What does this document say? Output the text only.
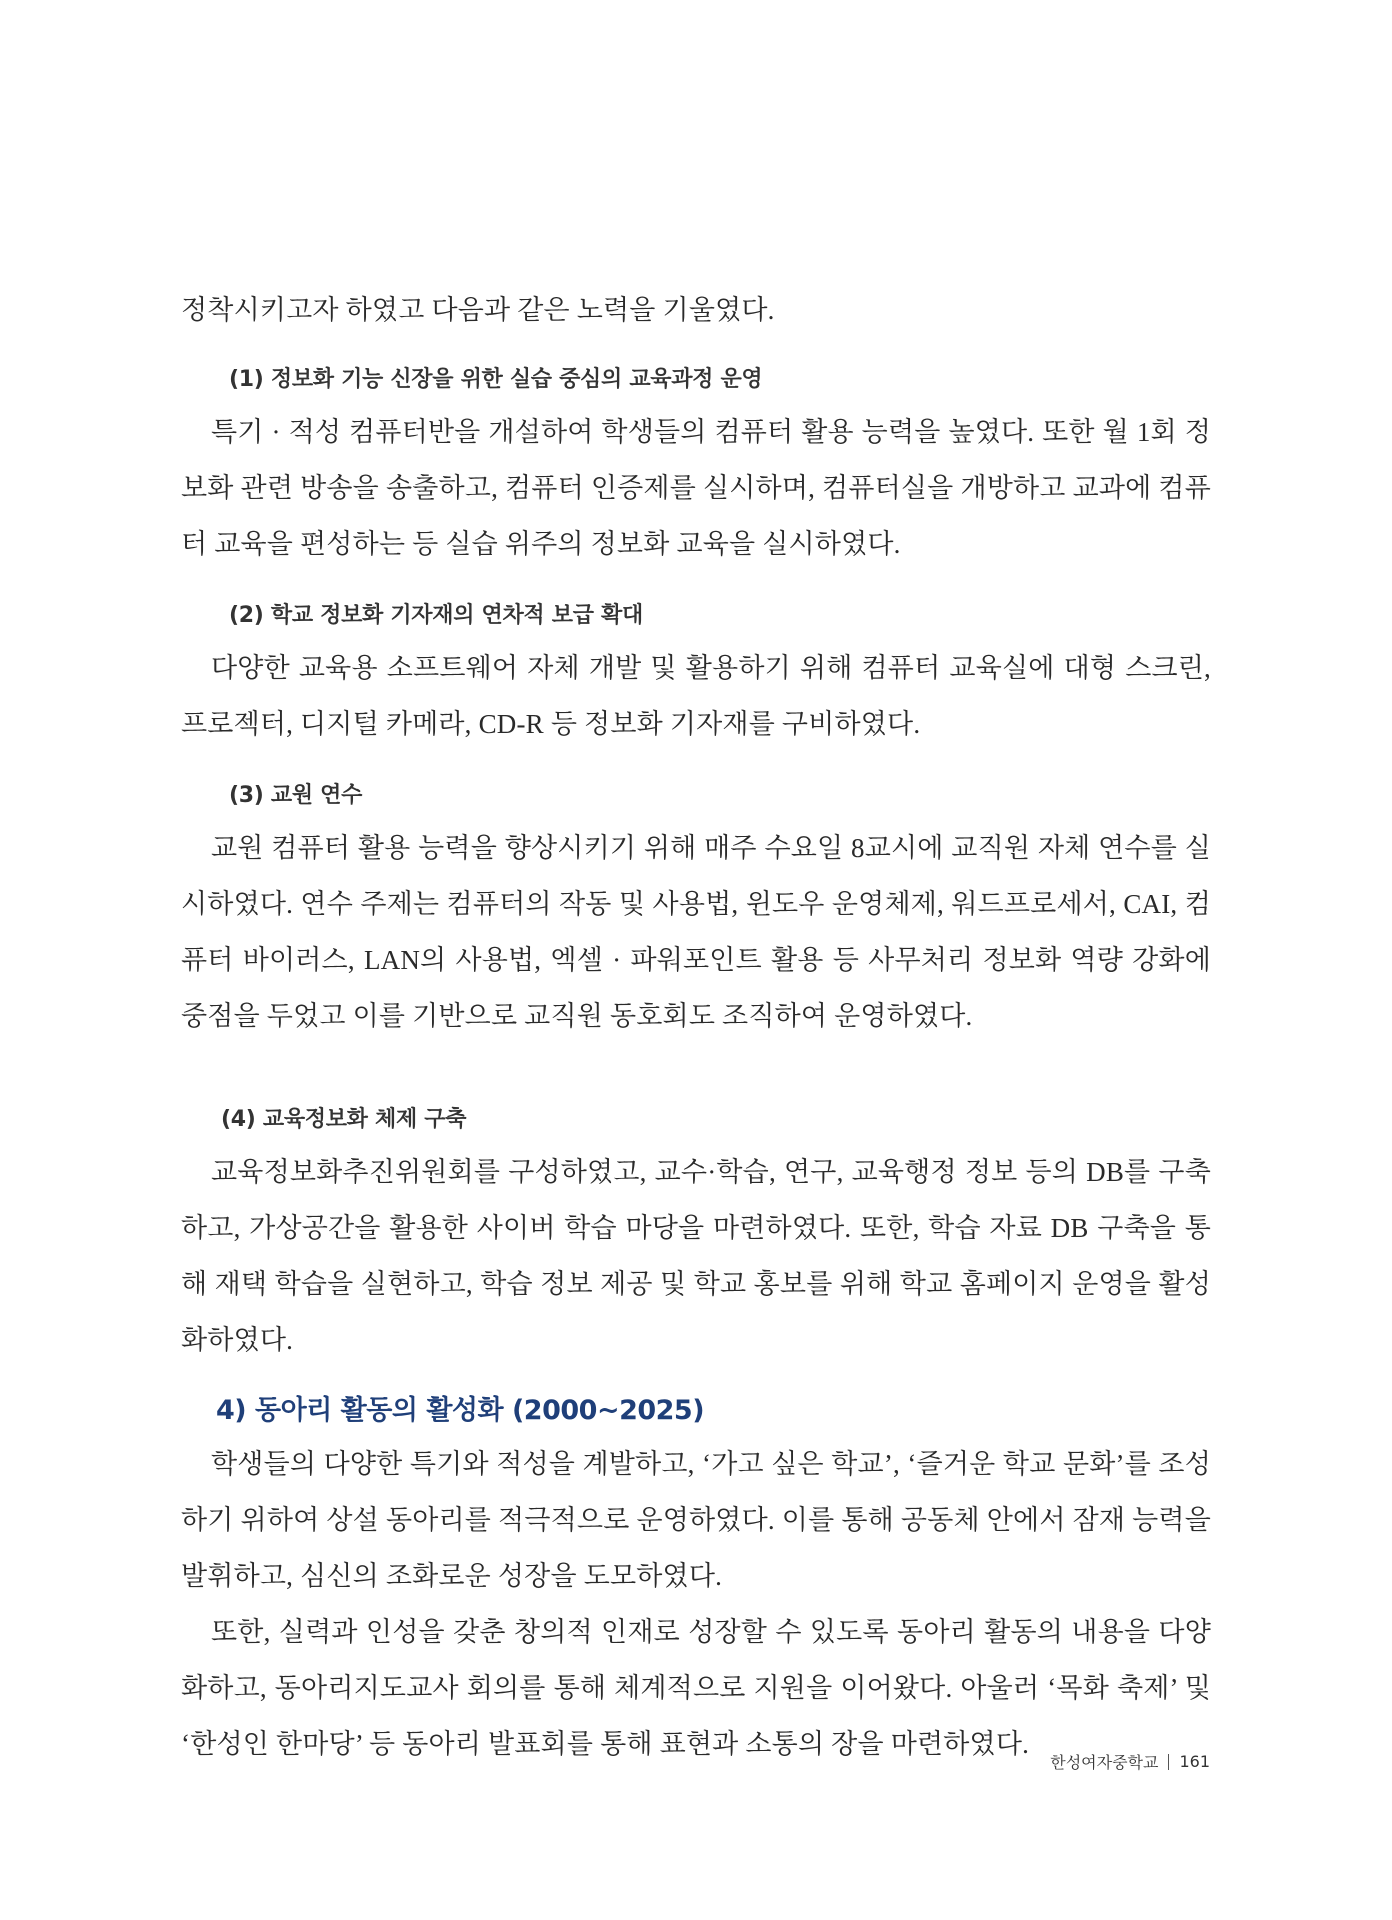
정착시키고자 하였고 다음과 같은 노력을 기울였다.

(1) 정보화 기능 신장을 위한 실습 중심의 교육과정 운영

특기 · 적성 컴퓨터반을 개설하여 학생들의 컴퓨터 활용 능력을 높였다. 또한 월 1회 정보화 관련 방송을 송출하고, 컴퓨터 인증제를 실시하며, 컴퓨터실을 개방하고 교과에 컴퓨터 교육을 편성하는 등 실습 위주의 정보화 교육을 실시하였다.

(2) 학교 정보화 기자재의 연차적 보급 확대

다양한 교육용 소프트웨어 자체 개발 및 활용하기 위해 컴퓨터 교육실에 대형 스크린, 프로젝터, 디지털 카메라, CD-R 등 정보화 기자재를 구비하였다.

(3) 교원 연수

교원 컴퓨터 활용 능력을 향상시키기 위해 매주 수요일 8교시에 교직원 자체 연수를 실시하였다. 연수 주제는 컴퓨터의 작동 및 사용법, 윈도우 운영체제, 워드프로세서, CAI, 컴퓨터 바이러스, LAN의 사용법, 엑셀 · 파워포인트 활용 등 사무처리 정보화 역량 강화에 중점을 두었고 이를 기반으로 교직원 동호회도 조직하여 운영하였다.

(4) 교육정보화 체제 구축

교육정보화추진위원회를 구성하였고, 교수·학습, 연구, 교육행정 정보 등의 DB를 구축하고, 가상공간을 활용한 사이버 학습 마당을 마련하였다. 또한, 학습 자료 DB 구축을 통해 재택 학습을 실현하고, 학습 정보 제공 및 학교 홍보를 위해 학교 홈페이지 운영을 활성화하였다.

4) 동아리 활동의 활성화 (2000~2025)

학생들의 다양한 특기와 적성을 계발하고, ‘가고 싶은 학교’, ‘즐거운 학교 문화’를 조성하기 위하여 상설 동아리를 적극적으로 운영하였다. 이를 통해 공동체 안에서 잠재 능력을 발휘하고, 심신의 조화로운 성장을 도모하였다.

또한, 실력과 인성을 갖춘 창의적 인재로 성장할 수 있도록 동아리 활동의 내용을 다양화하고, 동아리지도교사 회의를 통해 체계적으로 지원을 이어왔다. 아울러 ‘목화 축제’ 및 ‘한성인 한마당’ 등 동아리 발표회를 통해 표현과 소통의 장을 마련하였다.

한성여자중학교 161
